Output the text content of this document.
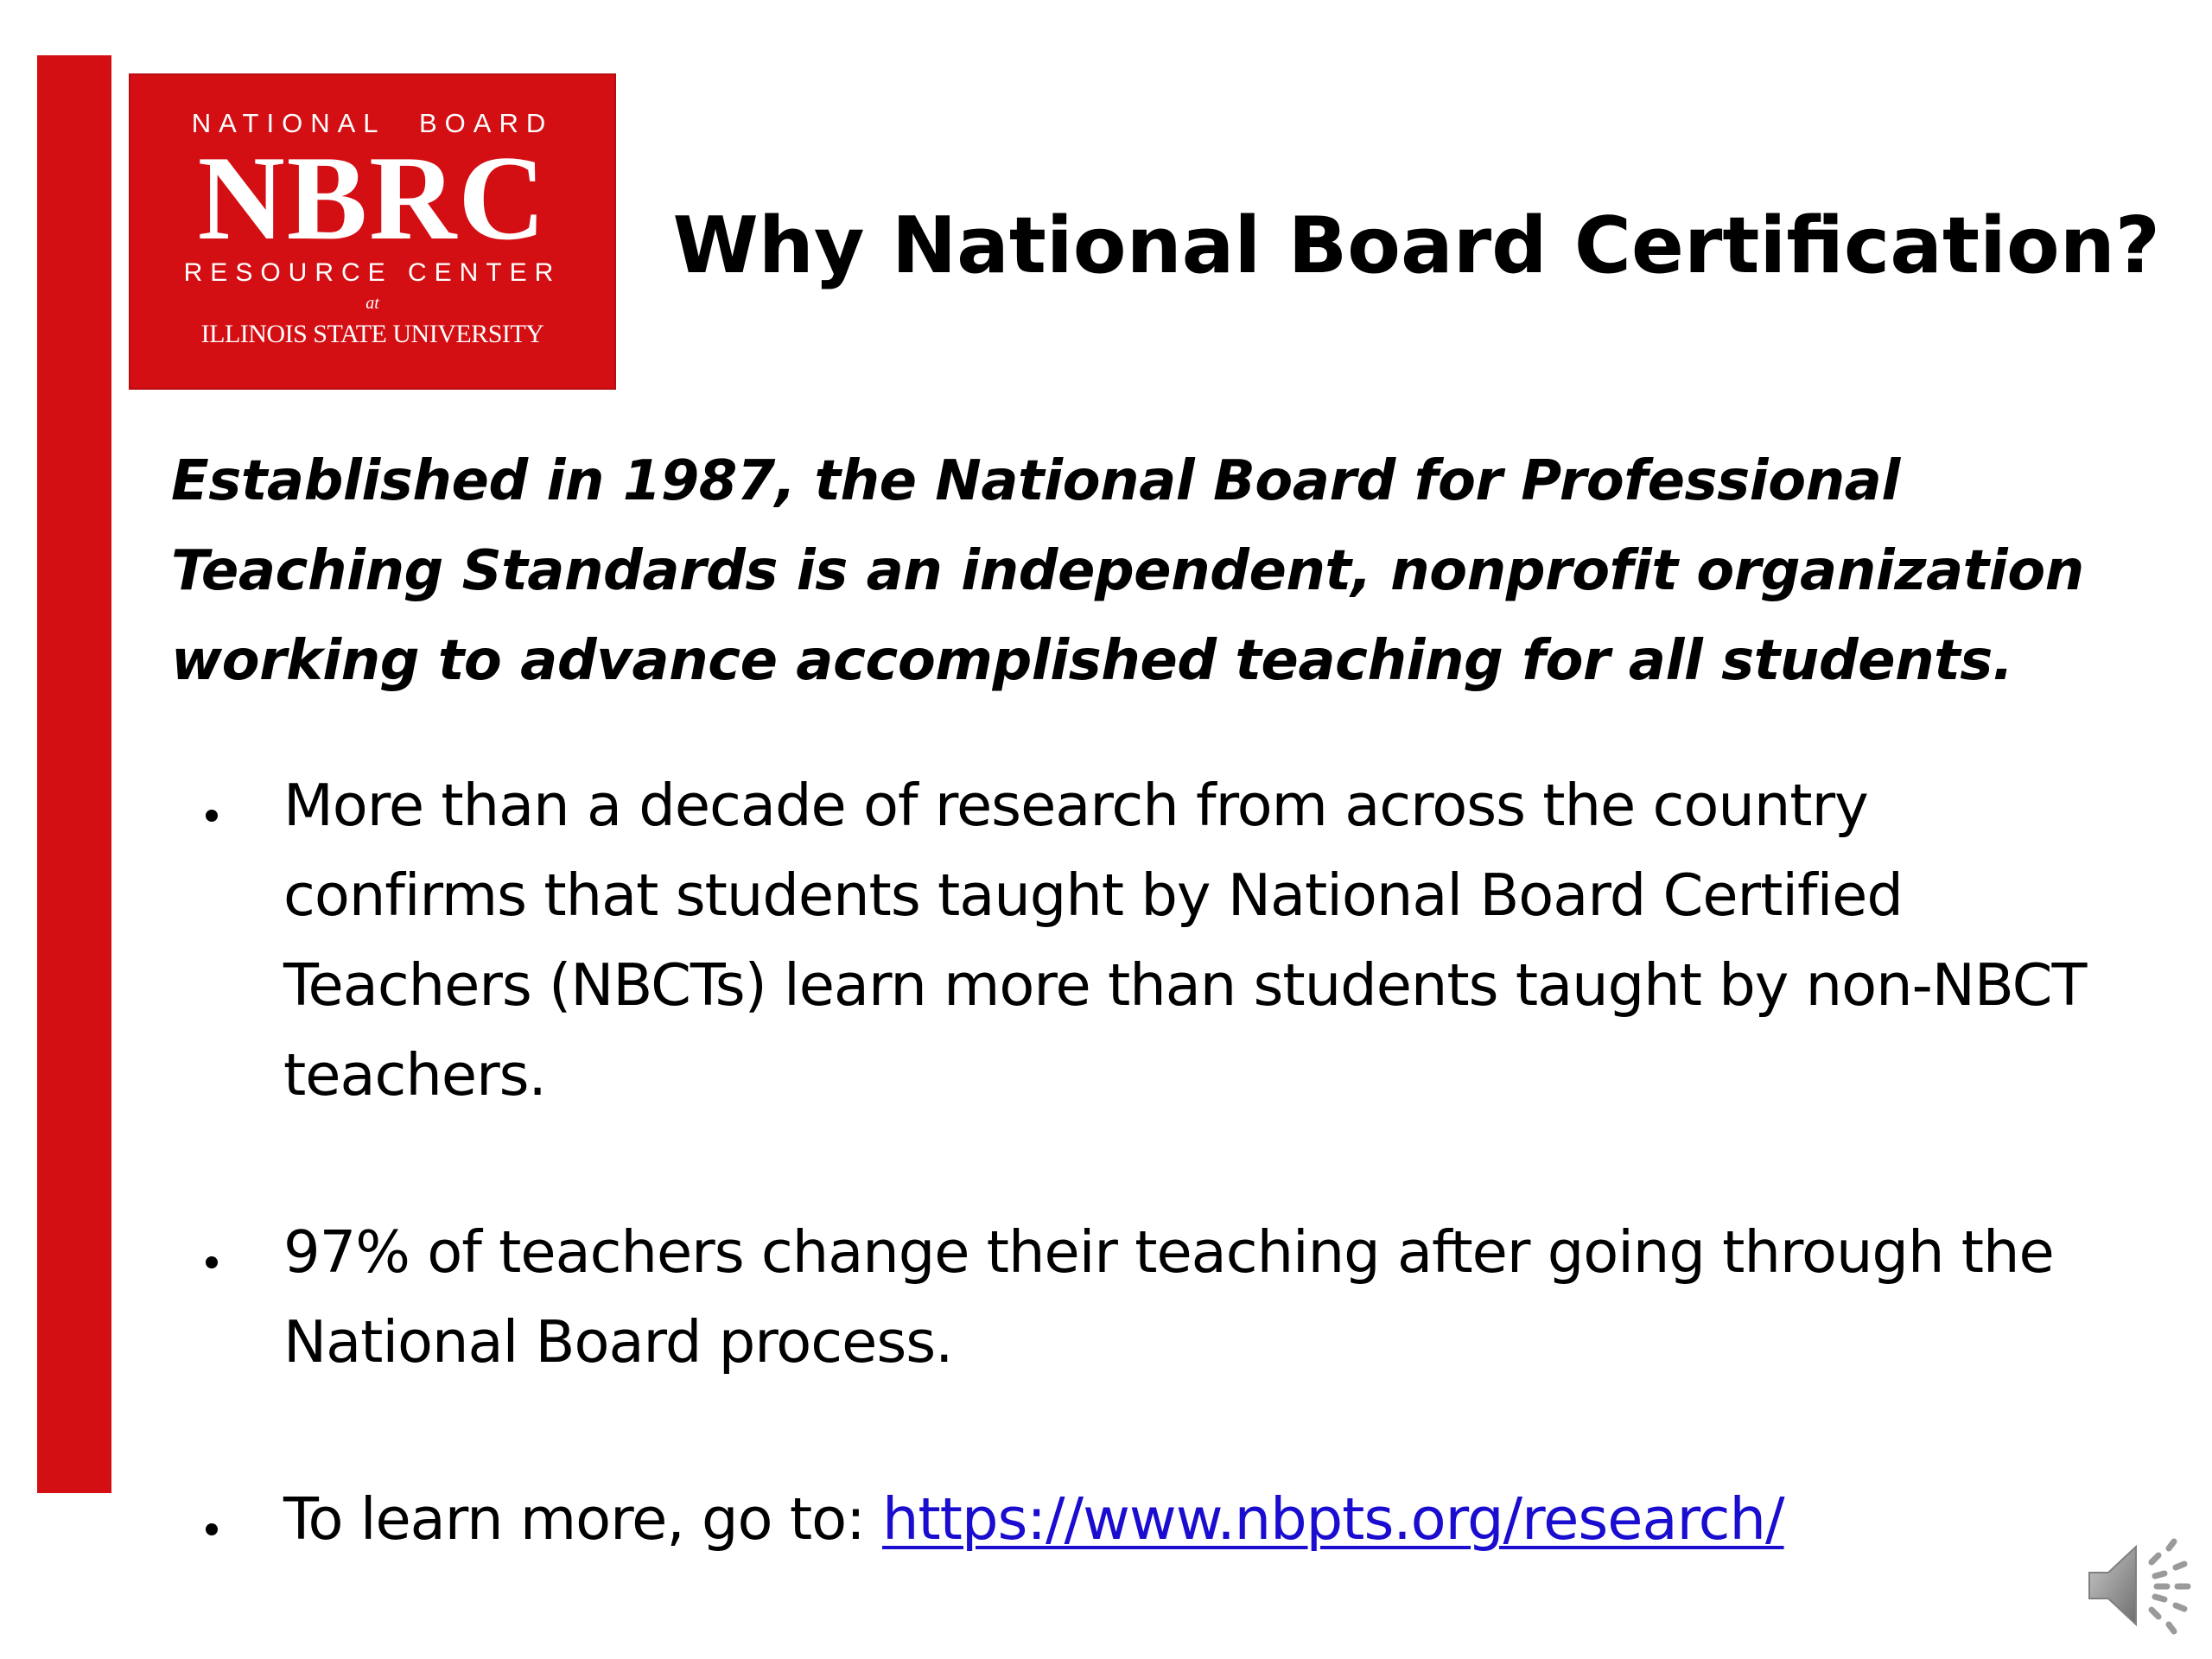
NATIONAL BOARD
NBRC
RESOURCE CENTER
at
ILLINOIS STATE UNIVERSITY
Why National Board Certification?
Established in 1987, the National Board for Professional Teaching Standards is an independent, nonprofit organization working to advance accomplished teaching for all students.
More than a decade of research from across the country confirms that students taught by National Board Certified Teachers (NBCTs) learn more than students taught by non-NBCT teachers.
97% of teachers change their teaching after going through the National Board process.
To learn more, go to: https://www.nbpts.org/research/
